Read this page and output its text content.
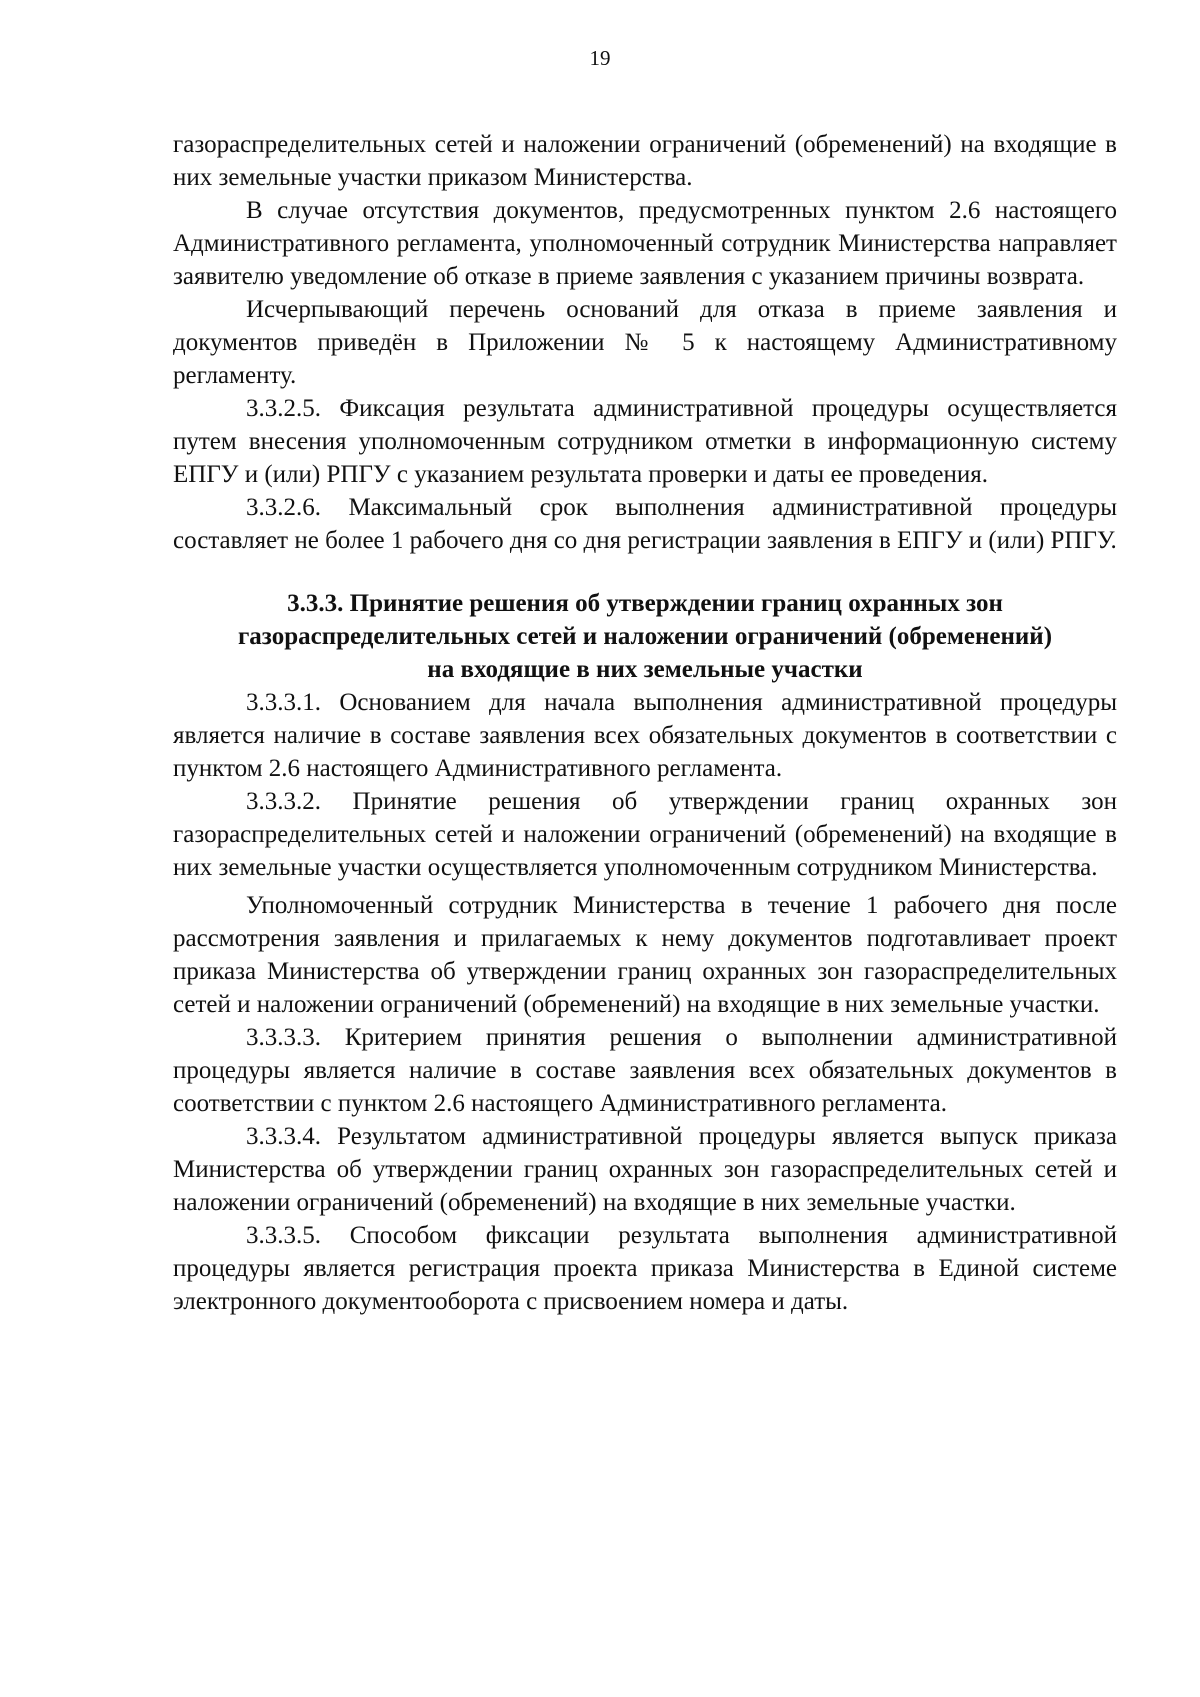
19

газораспределительных сетей и наложении ограничений (обременений) на входящие в них земельные участки приказом Министерства.

В случае отсутствия документов, предусмотренных пунктом 2.6 настоящего Административного регламента, уполномоченный сотрудник Министерства направляет заявителю уведомление об отказе в приеме заявления с указанием причины возврата.

Исчерпывающий перечень оснований для отказа в приеме заявления и документов приведён в Приложении № 5 к настоящему Административному регламенту.

3.3.2.5. Фиксация результата административной процедуры осуществляется путем внесения уполномоченным сотрудником отметки в информационную систему ЕПГУ и (или) РПГУ с указанием результата проверки и даты ее проведения.

3.3.2.6. Максимальный срок выполнения административной процедуры составляет не более 1 рабочего дня со дня регистрации заявления в ЕПГУ и (или) РПГУ.

3.3.3. Принятие решения об утверждении границ охранных зон
газораспределительных сетей и наложении ограничений (обременений)
на входящие в них земельные участки

3.3.3.1. Основанием для начала выполнения административной процедуры является наличие в составе заявления всех обязательных документов в соответствии с пунктом 2.6 настоящего Административного регламента.

3.3.3.2. Принятие решения об утверждении границ охранных зон газораспределительных сетей и наложении ограничений (обременений) на входящие в них земельные участки осуществляется уполномоченным сотрудником Министерства.

Уполномоченный сотрудник Министерства в течение 1 рабочего дня после рассмотрения заявления и прилагаемых к нему документов подготавливает проект приказа Министерства об утверждении границ охранных зон газораспределительных сетей и наложении ограничений (обременений) на входящие в них земельные участки.

3.3.3.3. Критерием принятия решения о выполнении административной процедуры является наличие в составе заявления всех обязательных документов в соответствии с пунктом 2.6 настоящего Административного регламента.

3.3.3.4. Результатом административной процедуры является выпуск приказа Министерства об утверждении границ охранных зон газораспределительных сетей и наложении ограничений (обременений) на входящие в них земельные участки.

3.3.3.5. Способом фиксации результата выполнения административной процедуры является регистрация проекта приказа Министерства в Единой системе электронного документооборота с присвоением номера и даты.
